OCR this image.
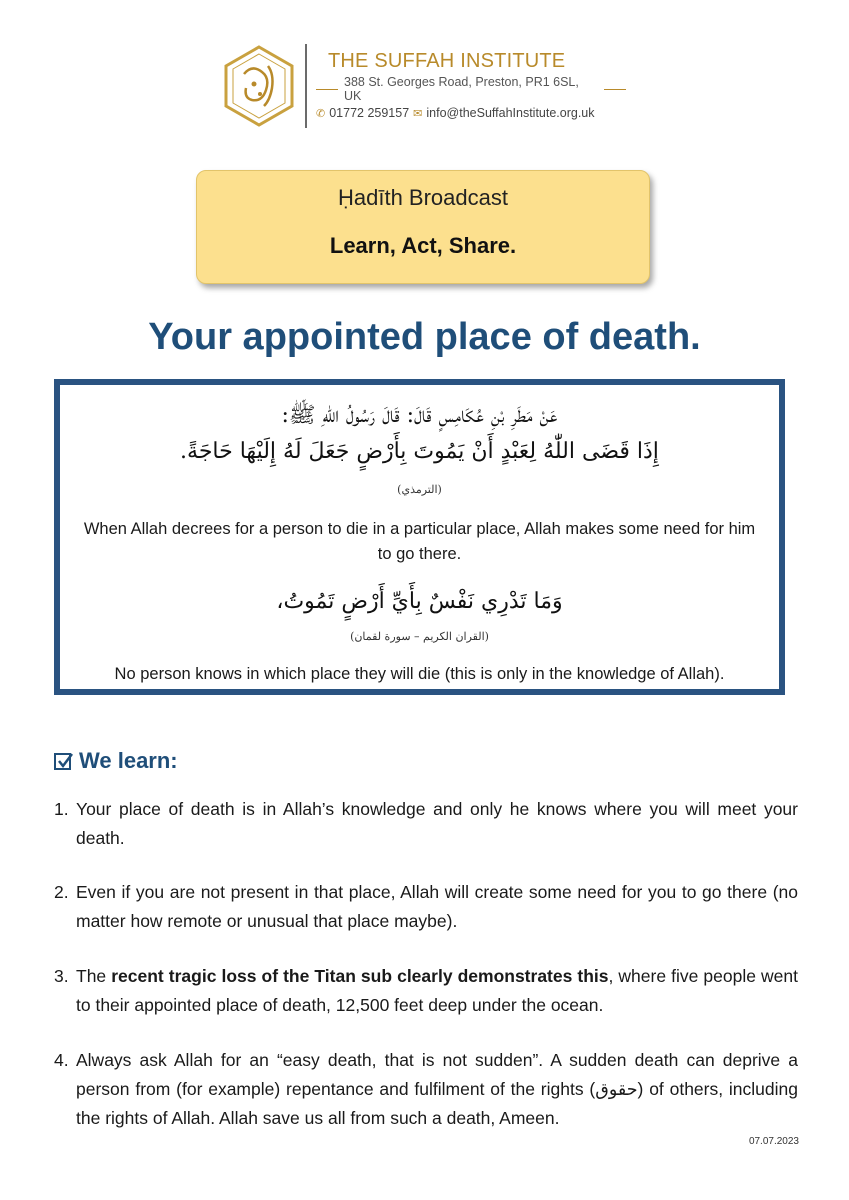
THE SUFFAH INSTITUTE
388 St. Georges Road, Preston, PR1 6SL, UK
✆ 01772 259157 ✉ info@theSuffahInstitute.org.uk
Ḥadīth Broadcast
Learn, Act, Share.
Your appointed place of death.
عَنْ مَطَرِ بْنِ عُكَامِسٍ قَالَ: قَالَ رَسُولُ اللّٰهِ ﷺ:
إِذَا قَضَى اللّٰهُ لِعَبْدٍ أَنْ يَمُوتَ بِأَرْضٍ جَعَلَ لَهُ إِلَيْهَا حَاجَةً.
(الترمذي)
When Allah decrees for a person to die in a particular place, Allah makes some need for him to go there.
وَمَا تَدْرِي نَفْسٌ بِأَيِّ أَرْضٍ تَمُوتُ،
(القران الكريم – سورة لقمان)
No person knows in which place they will die (this is only in the knowledge of Allah).
We learn:
1. Your place of death is in Allah’s knowledge and only he knows where you will meet your death.
2. Even if you are not present in that place, Allah will create some need for you to go there (no matter how remote or unusual that place maybe).
3. The recent tragic loss of the Titan sub clearly demonstrates this, where five people went to their appointed place of death, 12,500 feet deep under the ocean.
4. Always ask Allah for an “easy death, that is not sudden”. A sudden death can deprive a person from (for example) repentance and fulfilment of the rights (حقوق) of others, including the rights of Allah. Allah save us all from such a death, Ameen.
07.07.2023
